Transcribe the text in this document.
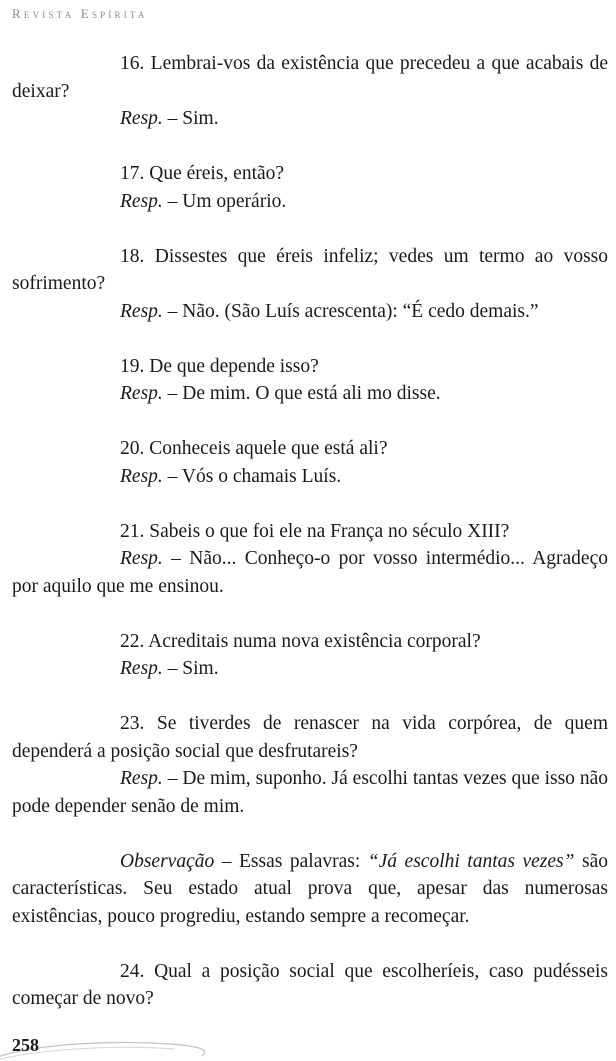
Revista Espírita

16. Lembrai-vos da existência que precedeu a que acabais de deixar?

Resp. – Sim.

17. Que éreis, então?

Resp. – Um operário.

18. Dissestes que éreis infeliz; vedes um termo ao vosso sofrimento?

Resp. – Não. (São Luís acrescenta): “É cedo demais.”

19. De que depende isso?

Resp. – De mim. O que está ali mo disse.

20. Conheceis aquele que está ali?

Resp. – Vós o chamais Luís.

21. Sabeis o que foi ele na França no século XIII?

Resp. – Não... Conheço-o por vosso intermédio... Agradeço por aquilo que me ensinou.

22. Acreditais numa nova existência corporal?

Resp. – Sim.

23. Se tiverdes de renascer na vida corpórea, de quem dependerá a posição social que desfrutareis?

Resp. – De mim, suponho. Já escolhi tantas vezes que isso não pode depender senão de mim.

Observação – Essas palavras: “Já escolhi tantas vezes” são características. Seu estado atual prova que, apesar das numerosas existências, pouco progrediu, estando sempre a recomeçar.

24. Qual a posição social que escolheríeis, caso pudésseis começar de novo?

258
